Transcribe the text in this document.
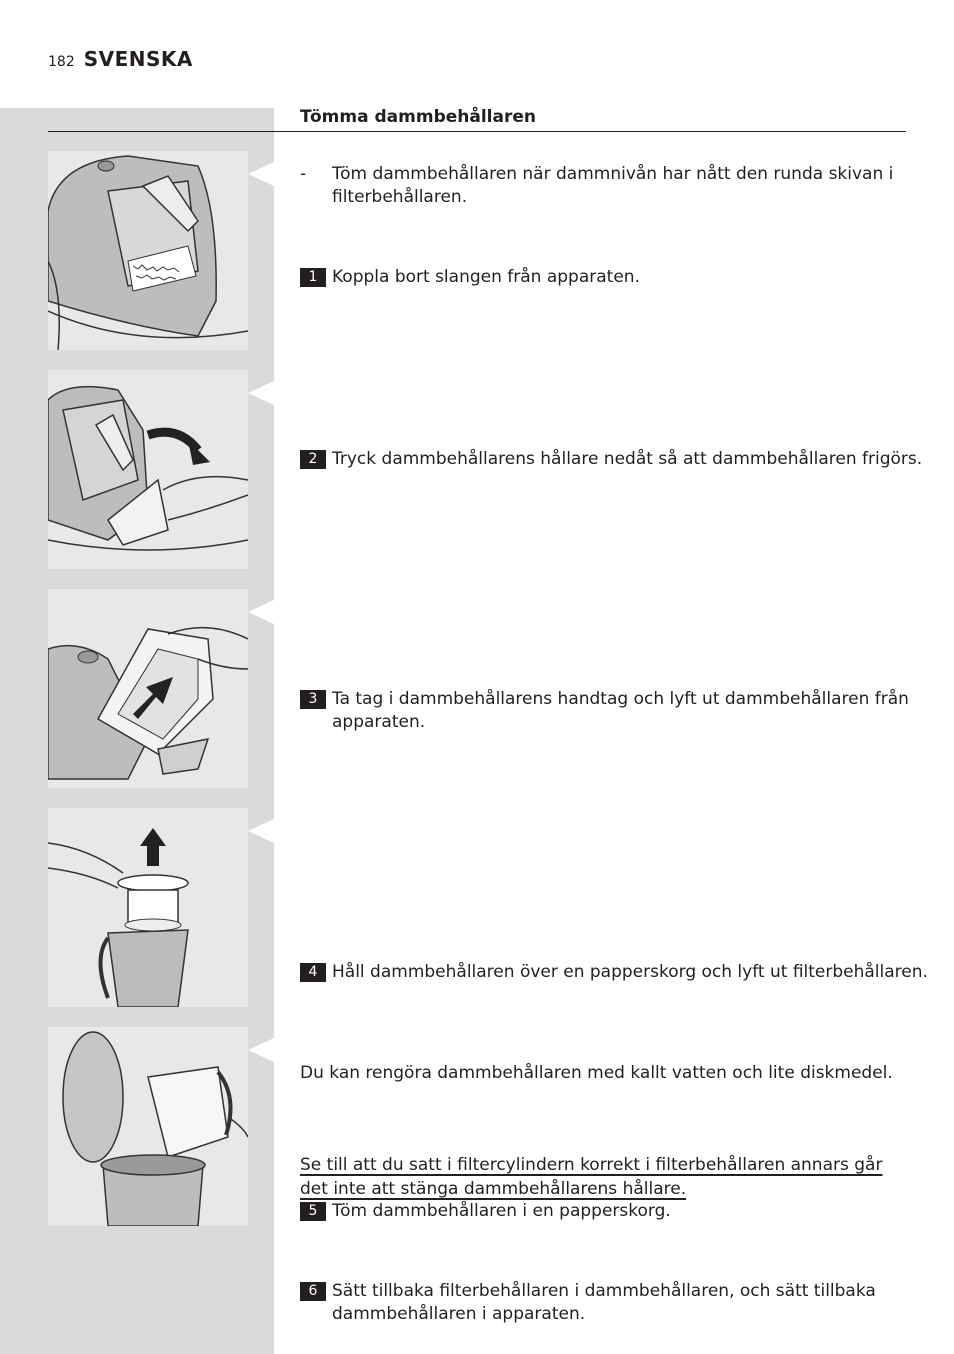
182 SVENSKA
Tömma dammbehållaren
- Töm dammbehållaren när dammnivån har nått den runda skivan i filterbehållaren.
1 Koppla bort slangen från apparaten.
2 Tryck dammbehållarens hållare nedåt så att dammbehållaren frigörs.
3 Ta tag i dammbehållarens handtag och lyft ut dammbehållaren från apparaten.
4 Håll dammbehållaren över en papperskorg och lyft ut filterbehållaren.
5 Töm dammbehållaren i en papperskorg.
Du kan rengöra dammbehållaren med kallt vatten och lite diskmedel.
6 Sätt tillbaka filterbehållaren i dammbehållaren, och sätt tillbaka dammbehållaren i apparaten.
Se till att du satt i filtercylindern korrekt i filterbehållaren annars går det inte att stänga dammbehållarens hållare.
